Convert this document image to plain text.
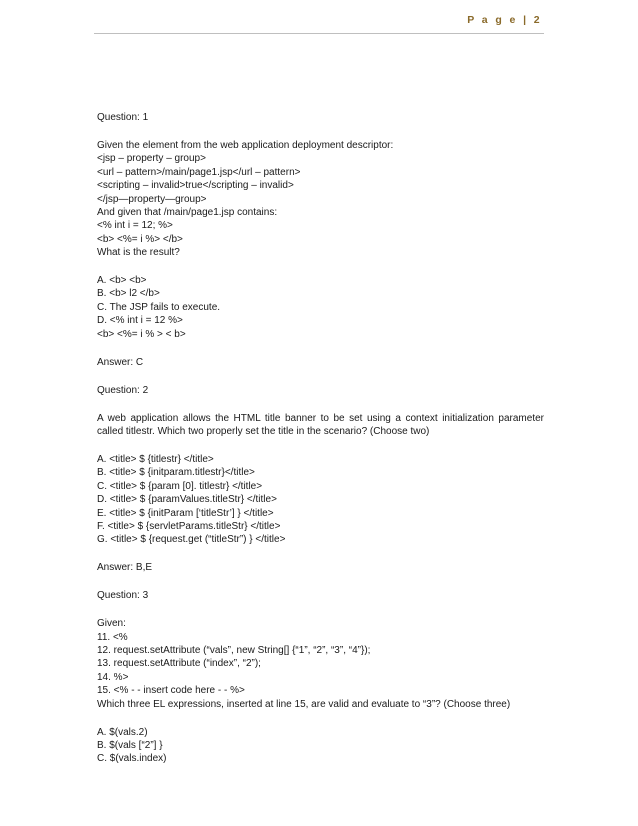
P a g e | 2
Question: 1
Given the element from the web application deployment descriptor:
<jsp – property – group>
<url – pattern>/main/page1.jsp</url – pattern>
<scripting – invalid>true</scripting – invalid>
</jsp—property—group>
And given that /main/page1.jsp contains:
<% int i = 12; %>
<b> <%= i %> </b>
What is the result?
A. <b> <b>
B. <b> l2 </b>
C. The JSP fails to execute.
D. <% int i = 12 %>
<b> <%= i % > < b>
Answer: C
Question: 2
A web application allows the HTML title banner to be set using a context initialization parameter
called titlestr. Which two properly set the title in the scenario? (Choose two)
A. <title> $ {titlestr} </title>
B. <title> $ {initparam.titlestr}</title>
C. <title> $ {param [0]. titlestr} </title>
D. <title> $ {paramValues.titleStr} </title>
E. <title> $ {initParam [‘titleStr’] } </title>
F. <title> $ {servletParams.titleStr} </title>
G. <title> $ {request.get (“titleStr”) } </title>
Answer: B,E
Question: 3
Given:
11. <%
12. request.setAttribute (“vals”, new String[] {“1”, “2”, “3”, “4”});
13. request.setAttribute (“index”, “2”);
14. %>
15. <% - - insert code here - - %>
Which three EL expressions, inserted at line 15, are valid and evaluate to “3”? (Choose three)
A. $(vals.2)
B. $(vals [“2”] }
C. $(vals.index)
